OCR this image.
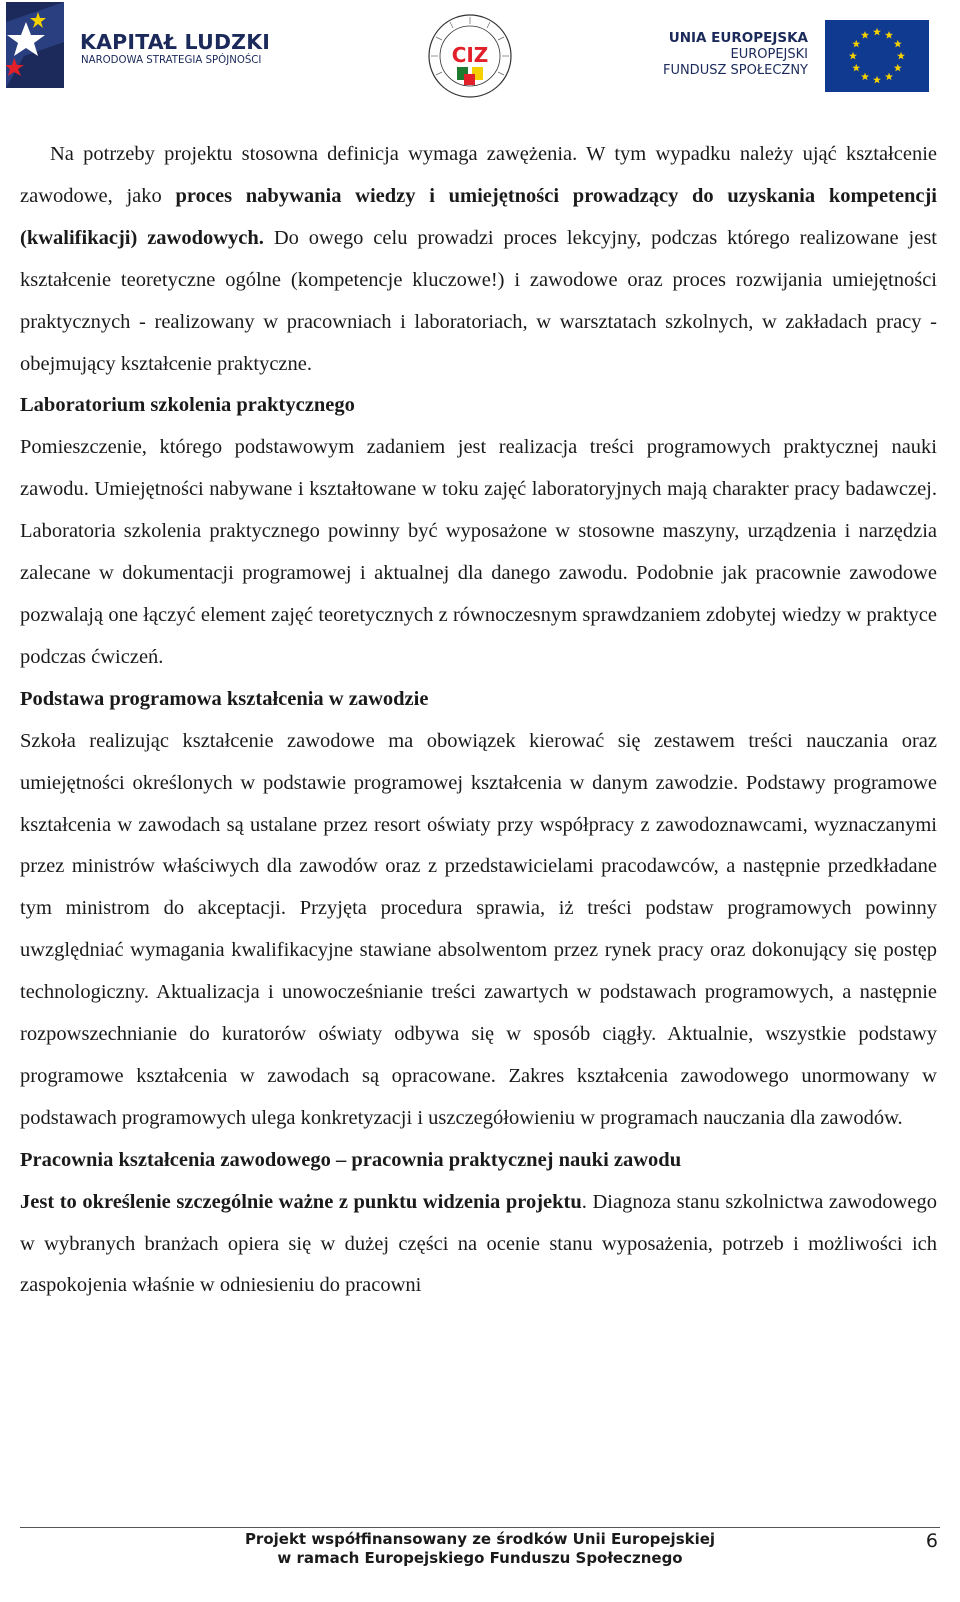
KAPITAŁ LUDZKI
NARODOWA STRATEGIA SPÓJNOŚCI	CIZ
UNIA EUROPEJSKA
EUROPEJSKI
FUNDUSZ SPOŁECZNY

Na potrzeby projektu stosowna definicja wymaga zawężenia. W tym wypadku należy ująć kształcenie zawodowe, jako proces nabywania wiedzy i umiejętności prowadzący do uzyskania kompetencji (kwalifikacji) zawodowych. Do owego celu prowadzi proces lekcyjny, podczas którego realizowane jest kształcenie teoretyczne ogólne (kompetencje kluczowe!) i zawodowe oraz proces rozwijania umiejętności praktycznych - realizowany w pracowniach i laboratoriach, w warsztatach szkolnych, w zakładach pracy - obejmujący kształcenie praktyczne.

Laboratorium szkolenia praktycznego

Pomieszczenie, którego podstawowym zadaniem jest realizacja treści programowych praktycznej nauki zawodu. Umiejętności nabywane i kształtowane w toku zajęć laboratoryjnych mają charakter pracy badawczej. Laboratoria szkolenia praktycznego powinny być wyposażone w stosowne maszyny, urządzenia i narzędzia zalecane w dokumentacji programowej i aktualnej dla danego zawodu. Podobnie jak pracownie zawodowe pozwalają one łączyć element zajęć teoretycznych z równoczesnym sprawdzaniem zdobytej wiedzy w praktyce podczas ćwiczeń.

Podstawa programowa kształcenia w zawodzie

Szkoła realizując kształcenie zawodowe ma obowiązek kierować się zestawem treści nauczania oraz umiejętności określonych w podstawie programowej kształcenia w danym zawodzie. Podstawy programowe kształcenia w zawodach są ustalane przez resort oświaty przy współpracy z zawodoznawcami, wyznaczanymi przez ministrów właściwych dla zawodów oraz z przedstawicielami pracodawców, a następnie przedkładane tym ministrom do akceptacji. Przyjęta procedura sprawia, iż treści podstaw programowych powinny uwzględniać wymagania kwalifikacyjne stawiane absolwentom przez rynek pracy oraz dokonujący się postęp technologiczny. Aktualizacja i unowocześnianie treści zawartych w podstawach programowych, a następnie rozpowszechnianie do kuratorów oświaty odbywa się w sposób ciągły. Aktualnie, wszystkie podstawy programowe kształcenia w zawodach są opracowane. Zakres kształcenia zawodowego unormowany w podstawach programowych ulega konkretyzacji i uszczegółowieniu w programach nauczania dla zawodów.

Pracownia kształcenia zawodowego – pracownia praktycznej nauki zawodu

Jest to określenie szczególnie ważne z punktu widzenia projektu. Diagnoza stanu szkolnictwa zawodowego w wybranych branżach opiera się w dużej części na ocenie stanu wyposażenia, potrzeb i możliwości ich zaspokojenia właśnie w odniesieniu do pracowni

Projekt współfinansowany ze środków Unii Europejskiej
w ramach Europejskiego Funduszu Społecznego
6
